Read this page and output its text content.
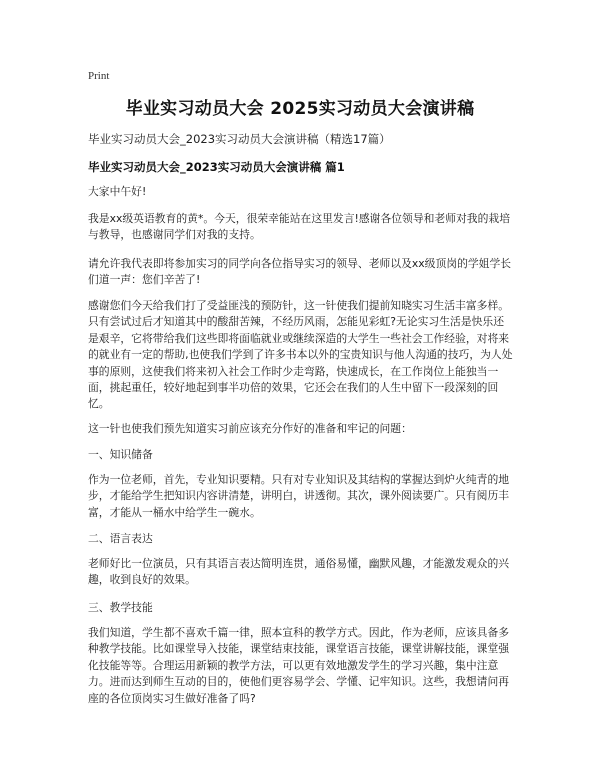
Print
毕业实习动员大会 2025实习动员大会演讲稿
毕业实习动员大会_2023实习动员大会演讲稿（精选17篇）
毕业实习动员大会_2023实习动员大会演讲稿 篇1

大家中午好!

我是xx级英语教育的黄*。今天，很荣幸能站在这里发言!感谢各位领导和老师对我的栽培与教导，也感谢同学们对我的支持。

请允许我代表即将参加实习的同学向各位指导实习的领导、老师以及xx级顶岗的学姐学长们道一声：您们辛苦了!

感谢您们今天给我们打了受益匪浅的预防针，这一针使我们提前知晓实习生活丰富多样。只有尝试过后才知道其中的酸甜苦辣，不经历风雨，怎能见彩虹?无论实习生活是快乐还是艰辛，它将带给我们这些即将面临就业或继续深造的大学生一些社会工作经验，对将来的就业有一定的帮助,也使我们学到了许多书本以外的宝贵知识与他人沟通的技巧，为人处事的原则，这使我们将来初入社会工作时少走弯路，快速成长，在工作岗位上能独当一面，挑起重任，较好地起到事半功倍的效果，它还会在我们的人生中留下一段深刻的回忆。

这一针也使我们预先知道实习前应该充分作好的准备和牢记的问题：

一、知识储备

作为一位老师，首先，专业知识要精。只有对专业知识及其结构的掌握达到炉火纯青的地步，才能给学生把知识内容讲清楚，讲明白，讲透彻。其次，课外阅读要广。只有阅历丰富，才能从一桶水中给学生一碗水。

二、语言表达

老师好比一位演员，只有其语言表达简明连贯，通俗易懂，幽默风趣，才能激发观众的兴趣，收到良好的效果。

三、教学技能

我们知道，学生都不喜欢千篇一律，照本宣科的教学方式。因此，作为老师，应该具备多种教学技能。比如课堂导入技能，课堂结束技能，课堂语言技能，课堂讲解技能，课堂强化技能等等。合理运用新颖的教学方法，可以更有效地激发学生的学习兴趣，集中注意力。进而达到师生互动的目的，使他们更容易学会、学懂、记牢知识。这些，我想请问再座的各位顶岗实习生做好准备了吗?
